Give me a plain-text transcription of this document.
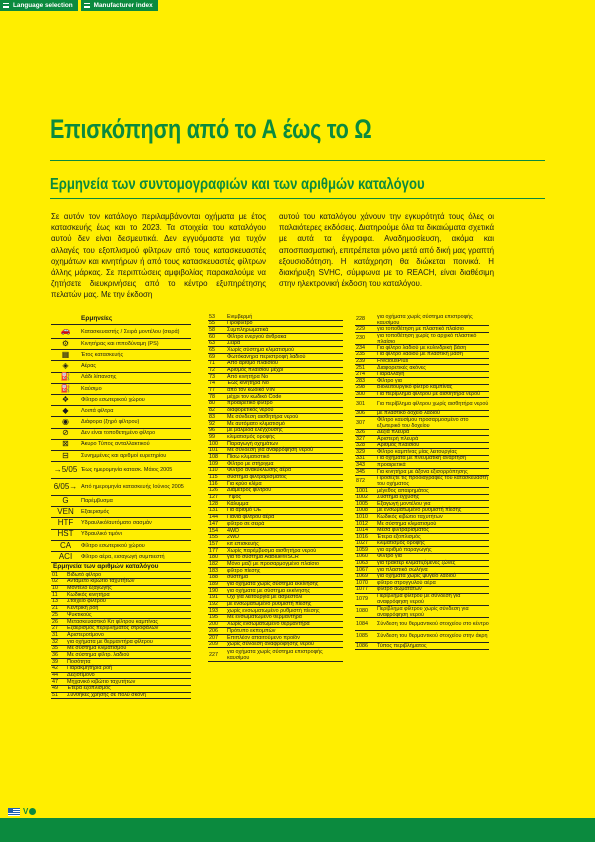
Language selection	Manufacturer index
Επισκόπηση από το Α έως το Ω
Ερμηνεία των συντομογραφιών και των αριθμών καταλόγου

Σε αυτόν τον κατάλογο περιλαμβάνονται οχήματα με έτος κατασκευής έως και το 2023. Τα στοιχεία του καταλόγου αυτού δεν είναι δεσμευτικά. Δεν εγγυόμαστε για τυχόν αλλαγές του εξοπλισμού φίλτρων από τους κατασκευαστές οχημάτων και κινητήρων ή από τους κατασκευαστές φίλτρων άλλης μάρκας. Σε περιπτώσεις αμφιβολίας παρακαλούμε να ζητήσετε διευκρινήσεις από το κέντρο εξυπηρέτησης πελατών μας. Με την έκδοση

αυτού του καταλόγου χάνουν την εγκυρότητά τους όλες οι παλαιότερες εκδόσεις. Διατηρούμε όλα τα δικαιώματα σχετικά με αυτά τα έγγραφα. Αναδημοσίευση, ακόμα και αποσπασματική, επιτρέπεται μόνο μετά από δική μας γραπτή εξουσιοδότηση. Η κατάχρηση θα διώκεται ποινικά. Η διακήρυξη SVHC, σύμφωνα με το REACH, είναι διαθέσιμη στην ηλεκτρονική έκδοση του καταλόγου.

Ερμηνείες
🚗	Κατασκευαστής / Σειρά μοντέλου (σειρά)
⚙	Κινητήρας και ιπποδύναμη (PS)
▦	Έτος κατασκευής
◈	Αέρας
⛽	Λάδι λίπανσης
⛽	Καύσιμο
❖	Φίλτρο εσωτερικού χώρου
◆	Λοιπά φίλτρα
◉	Διάφορα (ξηρό φίλτρου)
⊘	Δεν είναι τοποθετημένο φίλτρο
⊠	Άκυρο Τύπος ανταλλακτικού
⊟	Συνημμένες και αριθμοί ευρετηρίου
→5/05 Έως ημερομηνία κατασκ. Μάιος 2005
6/05→ Από ημερομηνία κατασκευής Ιούνιος 2005
G	Παρέμβυσμα
VEN	Εξαερισμός
HTF	Υδραυλικό/αυτόματο σασμάν
HST	Υδραυλικό τιμόνι
CA	Φίλτρο εσωτερικού χώρου
ACI	Φίλτρο αέρα, εισαγωγή συμπιεστή
Ερμηνεία των αριθμών καταλόγου
01	Βιδωτό φίλτρο
02	Αντάμετο κιβώτιο ταχυτήτων
10	Μοντέλο έξαγωγής
11	Κωδικός κινητήρα
13	Στοιχείο φίλτρου
21	Κεντρική ροή
25	Ψυκτικούς
26	Μετασκευαστικό Κιτ φίλτρου καμπίνας
27	Εξαερισμός περιβλήματος στροφάλων
31	Αριστεροτίμονο
32	για οχήματα με θερμαντήρα φίλτρου
35	Με σύστημα κλιματισμού
36	Με σύστημα φίλτρ. λαδιού
39	Ποσότητα
42	Παρακμητήρια ροή
44	Δεξιοτίμονο
47	Μηχανικό κιβώτιο ταχυτήτων
49	Έτερα εξοπλισμός
51	Συνθήκες χρήσης σε πολύ σκόνη
53	Ενιμβερμή
55	Προφίλτρο
58	Συμπληρωματικά
60	Φίλτρο ενεργού άνθρακα
63	Σειρά
65	Χωρίς σύστημα κλιματισμού
69	Φωτόκανηρα περιστροφή λαδιού
71	Από αριθμό πλαισίου
72	Αριθμός πλαισίου μέχρι
73	Από κινητήρα No
74	Έως κινητήρα No
77	από τον κωδικό VIN
78	μέχρι τον κωδικό Code
80	προαιρετικό φίλτρο
82	διαφορετικός νερού
83	Με σύνδεση αισθητήρα νερού
92	Με αυτόματο κλιματισμό
96	με βαλβίδα ελέγχουσης
99	κλιματισμός οροφής
100	Παραγωγή οχημάτων
101	Με σύνδεση για αναφρόφηση νερού
108	Πίσω κλιματιστικό
109	Φίλτρο με στήριγμα
110	Φίλτρο ανακύκλωσης αέρα
115	σύστημα φιλτραρίσματος
116	Για κρύο κλίμα
126	Διάμετρος φίλτρου
127	Ύψος
128	Κάλυμμα
131	Για αριθμό ΟΕ
144	Πανιά φίλτρου αέρα
147	φίλτρο σε σειρά
154	4WD
155	2WD
157	κιτ επισκευής
177	Χωρίς παρέμβυσμα αισθητήρα νερού
180	για το σύστημα AdBlue®/SCR
182	Μόνο μαζί με προσαρμογμένο πλαίσιο
183	φίλτρο πίεσης
188	σύστημα
189	για οχήματα χωρίς σύστημα εκκίνησης
190	για οχήματα με σύστημα εκκίνησης
191	Όχι για λειτουργία με ασβεστόλι
192	με ενσωματωμένο ρυθμιστή πίεσης
193	χωρίς ενσωματωμένο ρυθμιστή πίεσης
195	Με ενσωματωμένο θερμαντήρα
200	Χωρίς ενσωματωμένο θερμαντήρα
206	Πρότυπο εκπομπών
207	Επιπλέον απαιτούμενο προϊόν
209	χωρίς σύνδεση αναφρόφησης νερού
227	για οχήματα χωρίς σύστημα επιστροφής καυσίμου
228	για οχήματα χωρίς σύστημα επιστροφής καυσίμου
229	για τοποθέτηση με πλαστικό πλαίσιο
230	για τοποθέτηση χωρίς το αρχικό πλαστικό πλαίσιο
234	Για φίλτρο λαδιού με κυλινδρική βάση
235	Για φίλτρο λαδιού με πλαστική βάση
239	FreciousPlus
251	Διαφορετικές ακόνες
274	Παραλλαγή
283	Φίλτρο για
298	Βιολειτουργικό φίλτρο καμπίνας
300	Για περίβλημα φίλτρου με αισθητήρα νερού
301	Για περίβλημα φίλτρου χωρίς αισθητήρα νερού
306	με πλαστικό δοχείο λαδιού
307	Φίλτρο καυσίμου προσαρμοσμένο στο εξωτερικό του δοχείου
326	Δεξιά πλευρά
327	Αριστερή πλευρά
328	Αριθμός πλαισίου
329	Φίλτρο καμπίνας μίας λειτουργίας
331	Για οχήματα με πνευματική ανάρτηση
343	προαιρετικά
345	Για κινητήρα με άξονα εξισορρόπησης
872	Προσέξτε τις προδιαγραφές του κατασκευαστή του οχήματος
1001	μέγεθος απαιρημάτος
1002	Σύστημα έγχυσης
1005	Εξαγωγή μοντέλου για
1008	με ενσωματωμένο ρυθμιστή πίεσης
1010	Κωδικός κιβώτιο ταχυτήτων
1012	Με σύστημα κλιματισμού
1014	Μέσα φιλτραρίσματος
1016	Έτερα εξοπλισμός
1027	κλιματισμός οροφής
1059	για αριθμό παραγωγής
1060	Φίλτρο για
1063	για τρακτέρ κλιματιζόμενες ζώνες
1067	για πλαστικό σωλήνα
1069	για οχήματα χωρίς ψυγείο λαδιού
1070	φίλτρο στρογγυλού αέρα
1077	φίλτρο αωματάτων
1079	Περίβλημα φίλτρου με σύνδεση για αναφρόφηση νερού
1080	Περίβλημα φίλτρου χωρίς σύνδεση για αναφρόφηση νερού
1084	Σύνδεση του θερμαντικού στοιχείου στο κέντρο
1085	Σύνδεση του θερμαντικού στοιχείου στην άκρη
1086	Τύπος περιβλήματος
V
